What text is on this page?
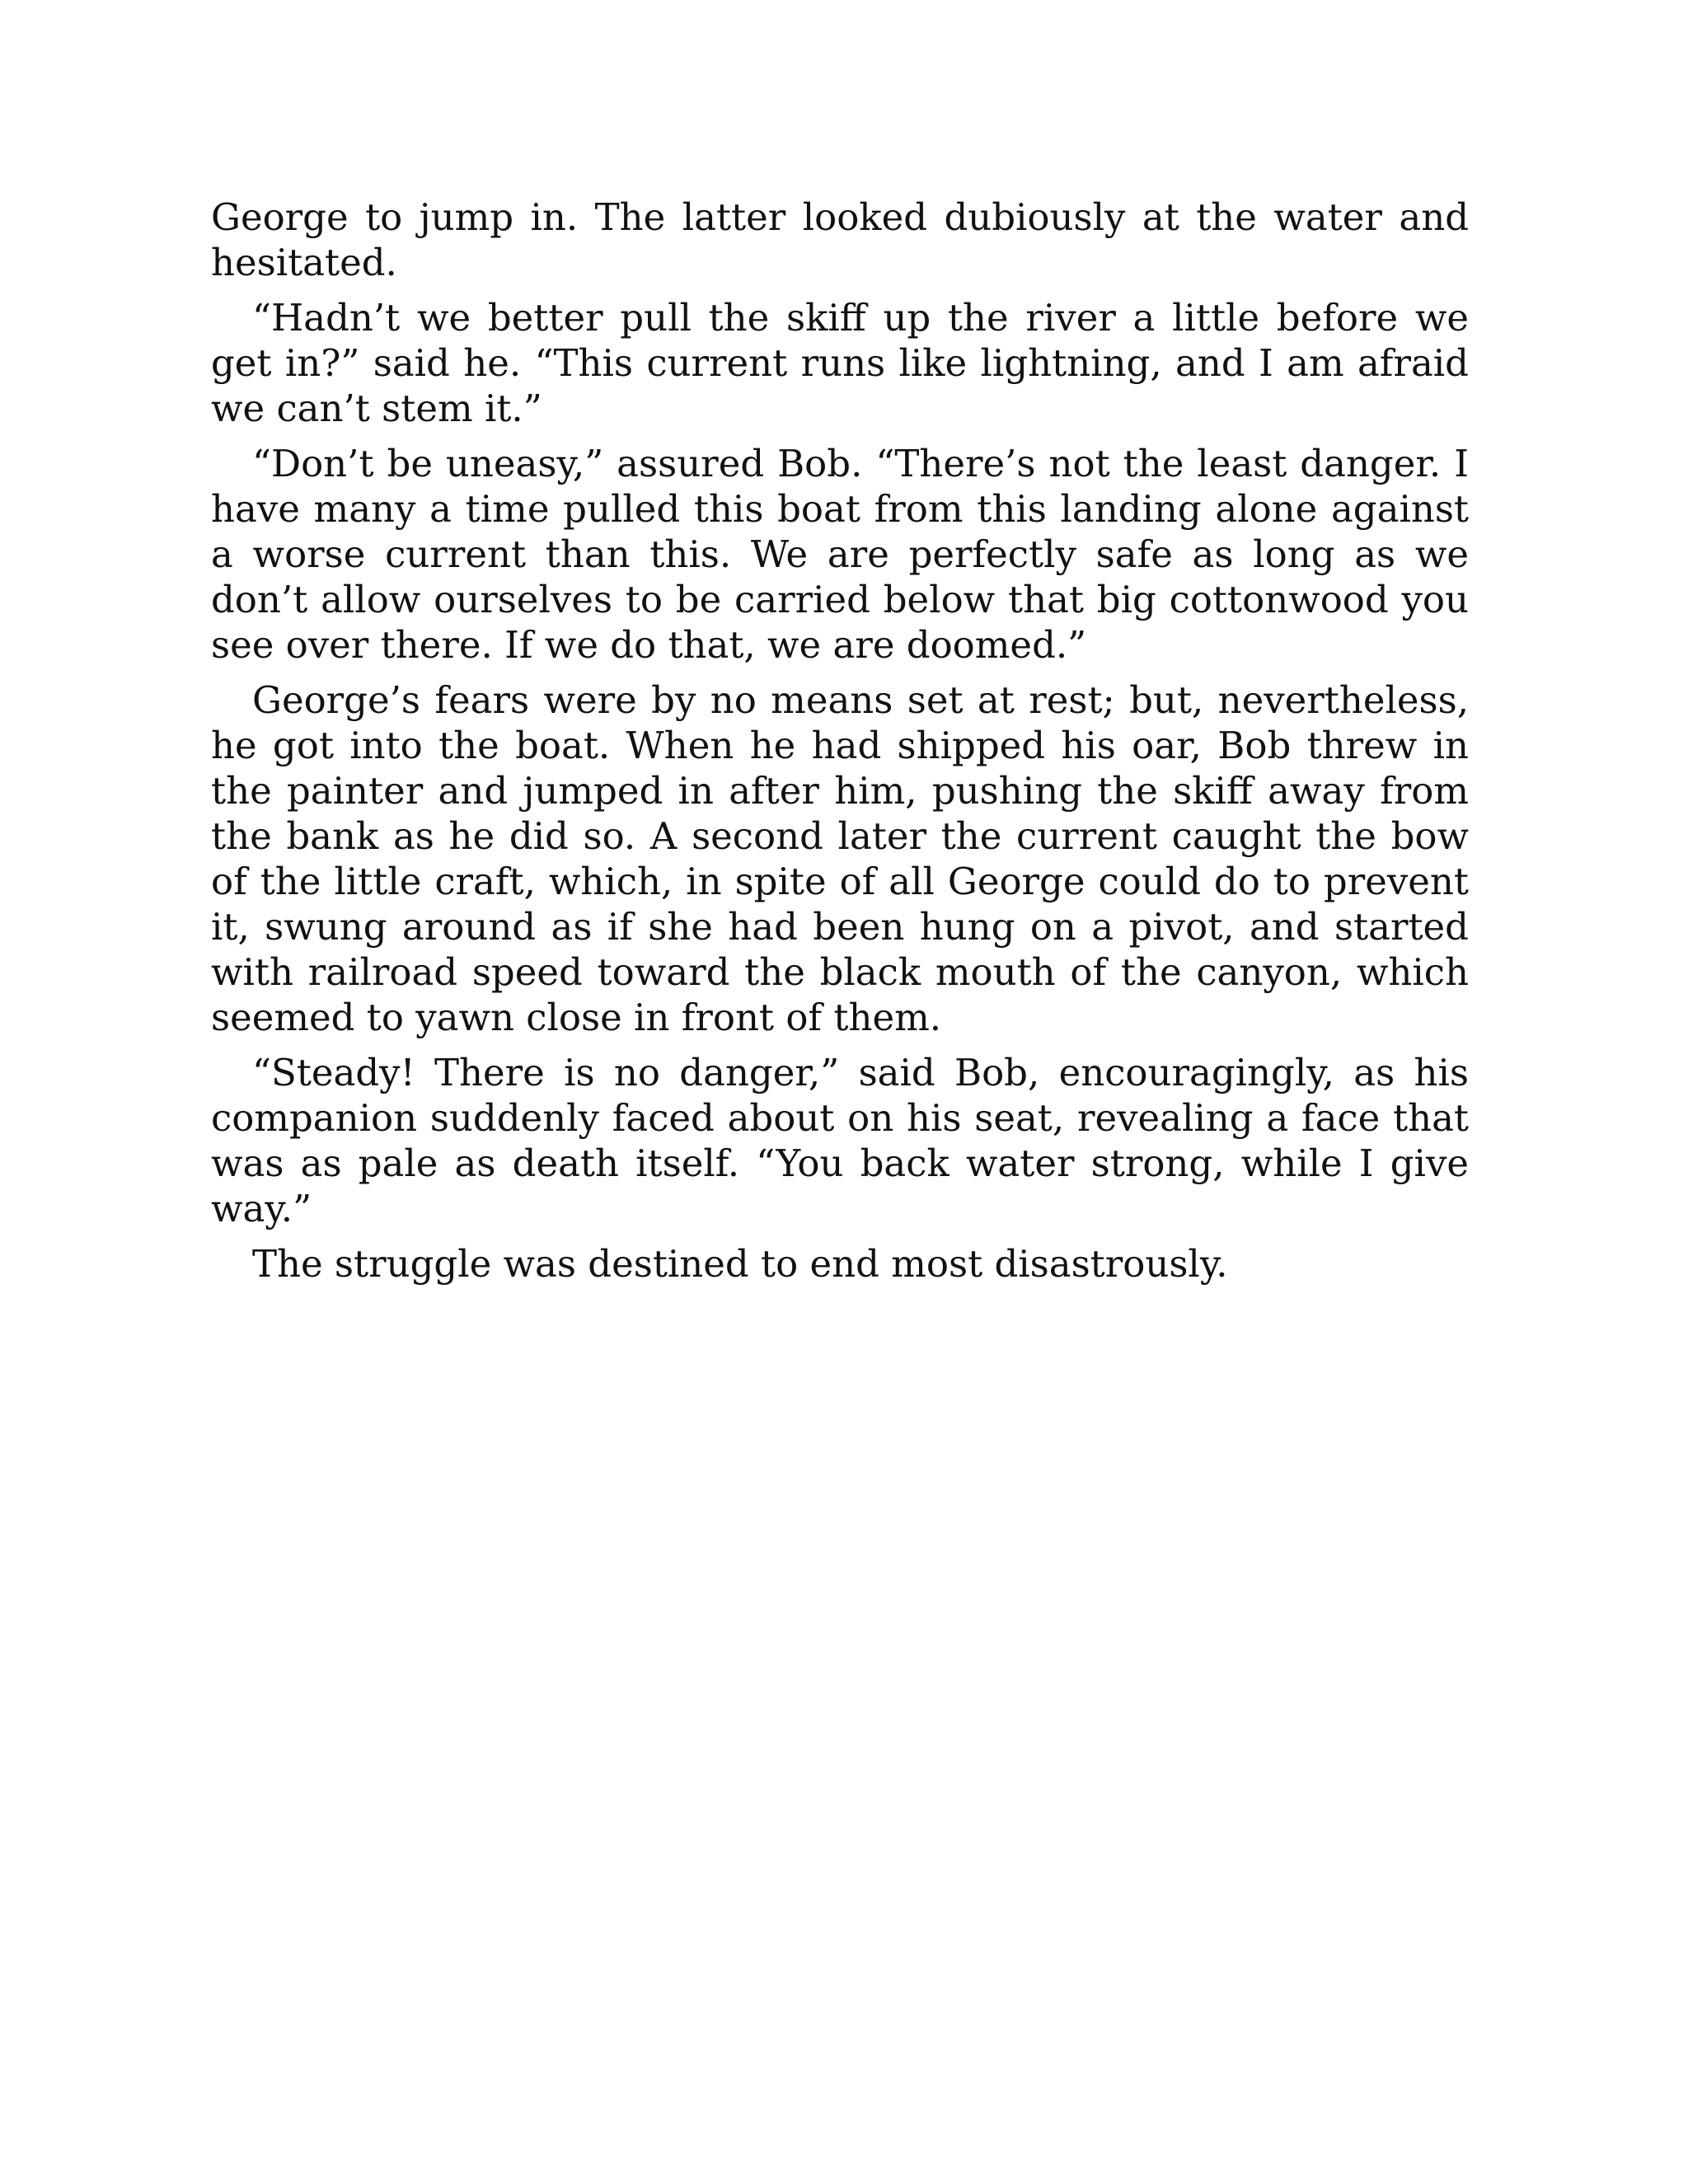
George to jump in. The latter looked dubiously at the water and hesitated.

“Hadn’t we better pull the skiff up the river a little before we get in?” said he. “This current runs like lightning, and I am afraid we can’t stem it.”

“Don’t be uneasy,” assured Bob. “There’s not the least danger. I have many a time pulled this boat from this landing alone against a worse current than this. We are perfectly safe as long as we don’t allow ourselves to be carried below that big cottonwood you see over there. If we do that, we are doomed.”

George’s fears were by no means set at rest; but, nevertheless, he got into the boat. When he had shipped his oar, Bob threw in the painter and jumped in after him, pushing the skiff away from the bank as he did so. A second later the current caught the bow of the little craft, which, in spite of all George could do to prevent it, swung around as if she had been hung on a pivot, and started with railroad speed toward the black mouth of the canyon, which seemed to yawn close in front of them.

“Steady! There is no danger,” said Bob, encouragingly, as his companion suddenly faced about on his seat, revealing a face that was as pale as death itself. “You back water strong, while I give way.”

The struggle was destined to end most disastrously.
